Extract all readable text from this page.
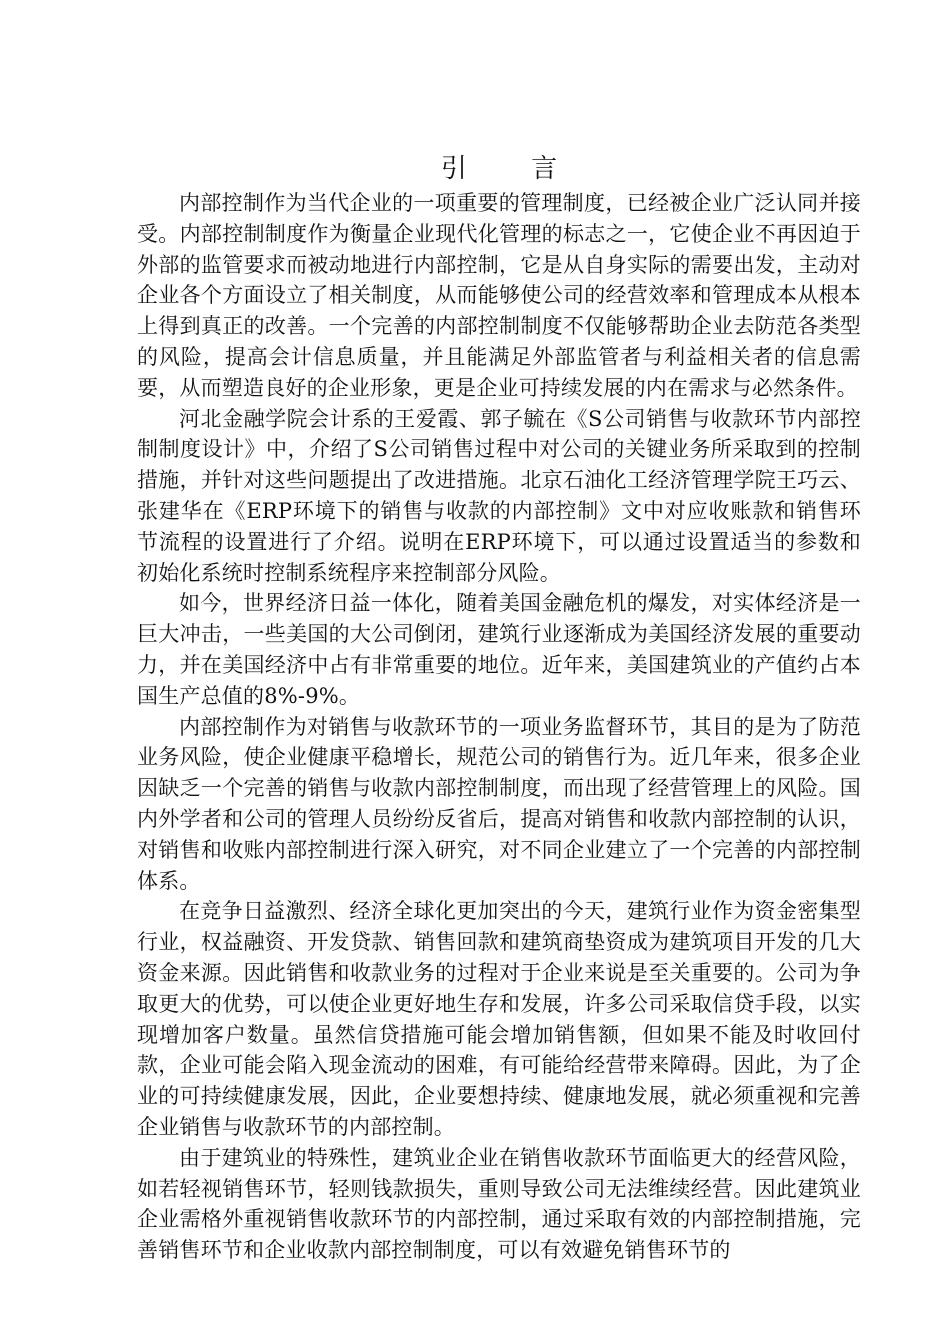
引 言

内部控制作为当代企业的一项重要的管理制度，已经被企业广泛认同并接受。内部控制制度作为衡量企业现代化管理的标志之一，它使企业不再因迫于外部的监管要求而被动地进行内部控制，它是从自身实际的需要出发，主动对企业各个方面设立了相关制度，从而能够使公司的经营效率和管理成本从根本上得到真正的改善。一个完善的内部控制制度不仅能够帮助企业去防范各类型的风险，提高会计信息质量，并且能满足外部监管者与利益相关者的信息需要，从而塑造良好的企业形象，更是企业可持续发展的内在需求与必然条件。

河北金融学院会计系的王爱霞、郭子毓在《S公司销售与收款环节内部控制制度设计》中，介绍了S公司销售过程中对公司的关键业务所采取到的控制措施，并针对这些问题提出了改进措施。北京石油化工经济管理学院王巧云、张建华在《ERP环境下的销售与收款的内部控制》文中对应收账款和销售环节流程的设置进行了介绍。说明在ERP环境下，可以通过设置适当的参数和初始化系统时控制系统程序来控制部分风险。

如今，世界经济日益一体化，随着美国金融危机的爆发，对实体经济是一巨大冲击，一些美国的大公司倒闭，建筑行业逐渐成为美国经济发展的重要动力，并在美国经济中占有非常重要的地位。近年来，美国建筑业的产值约占本国生产总值的8%-9%。

内部控制作为对销售与收款环节的一项业务监督环节，其目的是为了防范业务风险，使企业健康平稳增长，规范公司的销售行为。近几年来，很多企业因缺乏一个完善的销售与收款内部控制制度，而出现了经营管理上的风险。国内外学者和公司的管理人员纷纷反省后，提高对销售和收款内部控制的认识，对销售和收账内部控制进行深入研究，对不同企业建立了一个完善的内部控制体系。

在竞争日益激烈、经济全球化更加突出的今天，建筑行业作为资金密集型行业，权益融资、开发贷款、销售回款和建筑商垫资成为建筑项目开发的几大资金来源。因此销售和收款业务的过程对于企业来说是至关重要的。公司为争取更大的优势，可以使企业更好地生存和发展，许多公司采取信贷手段，以实现增加客户数量。虽然信贷措施可能会增加销售额，但如果不能及时收回付款，企业可能会陷入现金流动的困难，有可能给经营带来障碍。因此，为了企业的可持续健康发展，因此，企业要想持续、健康地发展，就必须重视和完善企业销售与收款环节的内部控制。

由于建筑业的特殊性，建筑业企业在销售收款环节面临更大的经营风险，如若轻视销售环节，轻则钱款损失，重则导致公司无法维续经营。因此建筑业企业需格外重视销售收款环节的内部控制，通过采取有效的内部控制措施，完善销售环节和企业收款内部控制制度，可以有效避免销售环节的
